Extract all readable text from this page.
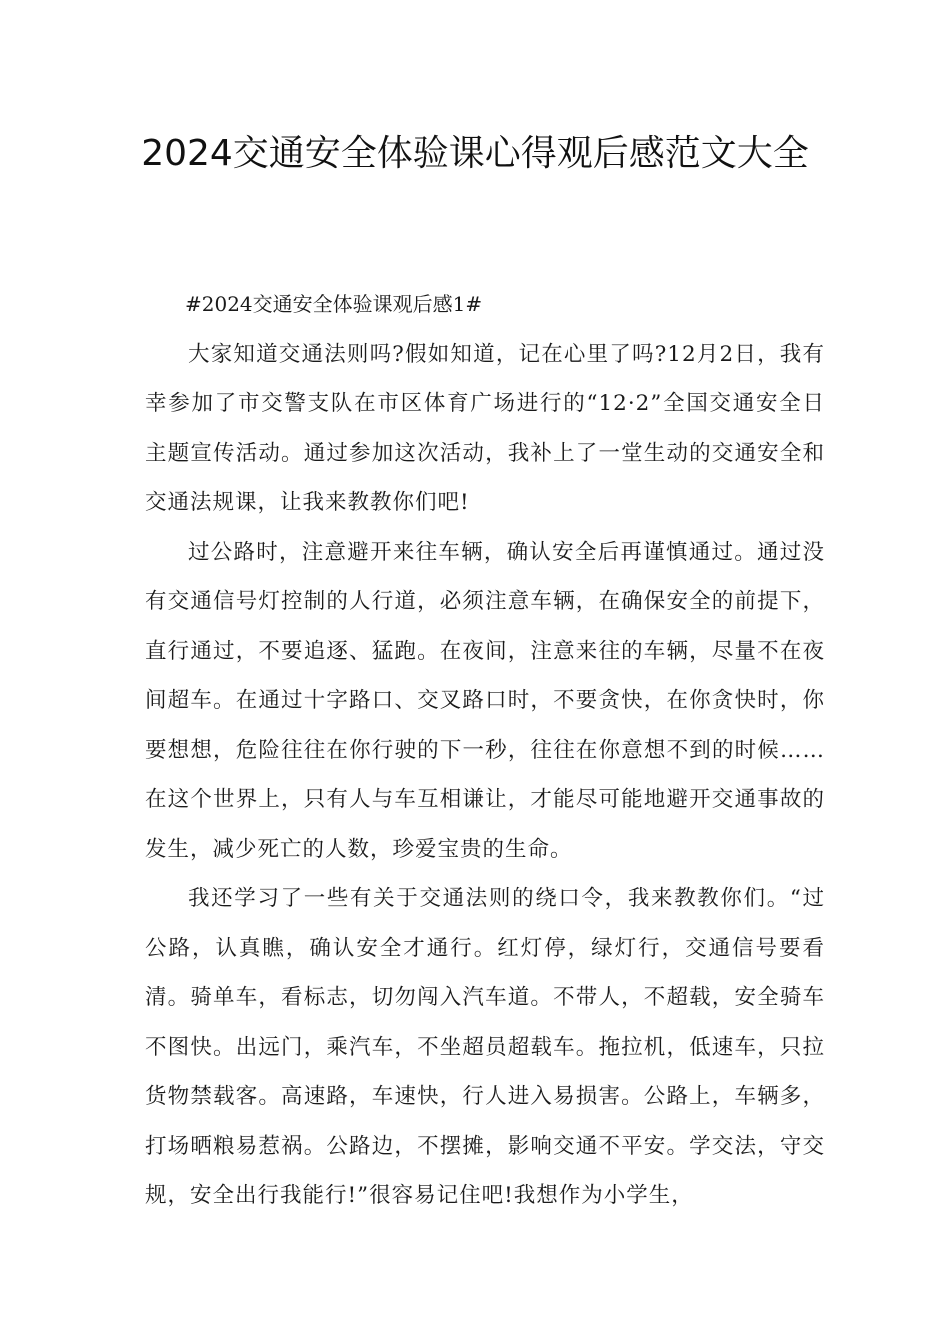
2024交通安全体验课心得观后感范文大全

#2024交通安全体验课观后感1#

大家知道交通法则吗?假如知道，记在心里了吗?12月2日，我有幸参加了市交警支队在市区体育广场进行的“12·2”全国交通安全日主题宣传活动。通过参加这次活动，我补上了一堂生动的交通安全和交通法规课，让我来教教你们吧!

过公路时，注意避开来往车辆，确认安全后再谨慎通过。通过没有交通信号灯控制的人行道，必须注意车辆，在确保安全的前提下，直行通过，不要追逐、猛跑。在夜间，注意来往的车辆，尽量不在夜间超车。在通过十字路口、交叉路口时，不要贪快，在你贪快时，你要想想，危险往往在你行驶的下一秒，往往在你意想不到的时候……在这个世界上，只有人与车互相谦让，才能尽可能地避开交通事故的发生，减少死亡的人数，珍爱宝贵的生命。

我还学习了一些有关于交通法则的绕口令，我来教教你们。“过公路，认真瞧，确认安全才通行。红灯停，绿灯行，交通信号要看清。骑单车，看标志，切勿闯入汽车道。不带人，不超载，安全骑车不图快。出远门，乘汽车，不坐超员超载车。拖拉机，低速车，只拉货物禁载客。高速路，车速快，行人进入易损害。公路上，车辆多，打场晒粮易惹祸。公路边，不摆摊，影响交通不平安。学交法，守交规，安全出行我能行!”很容易记住吧!我想作为小学生，
